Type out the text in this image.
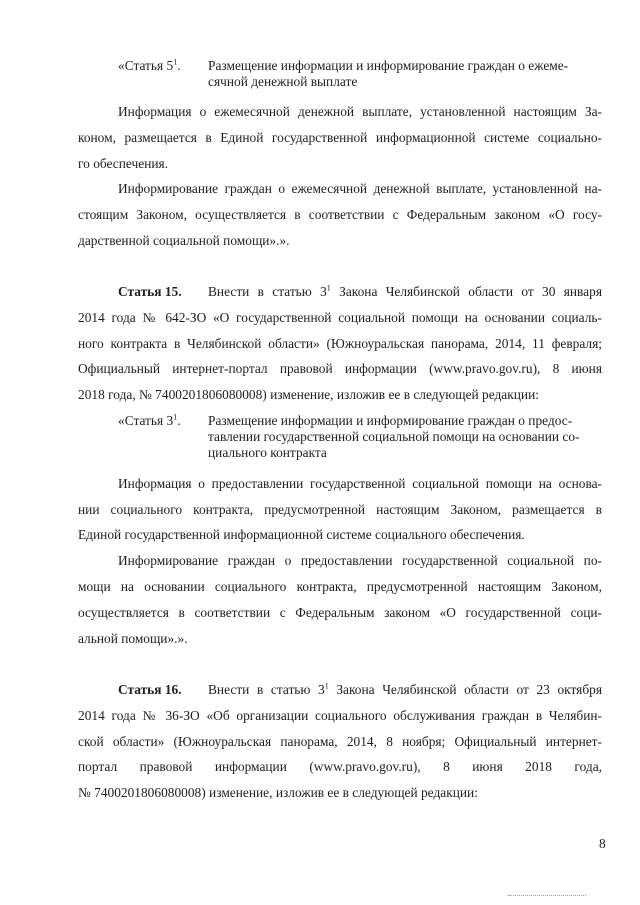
«Статья $5^1$. Размещение информации и информирование граждан о ежеме-
сячной денежной выплате
Информация о ежемесячной денежной выплате, установленной настоящим За-
коном, размещается в Единой государственной информационной системе социально-
го обеспечения.
Информирование граждан о ежемесячной денежной выплате, установленной на-
стоящим Законом, осуществляется в соответствии с Федеральным законом «О госу-
дарственной социальной помощи».».
Статья 15. Внести в статью $3^1$ Закона Челябинской области от 30 января
2014 года № 642-ЗО «О государственной социальной помощи на основании социаль-
ного контракта в Челябинской области» (Южноуральская панорама, 2014, 11 февраля;
Официальный интернет-портал правовой информации (www.pravo.gov.ru), 8 июня
2018 года, № 7400201806080008) изменение, изложив ее в следующей редакции:
«Статья $3^1$. Размещение информации и информирование граждан о предос-
тавлении государственной социальной помощи на основании со-
циального контракта
Информация о предоставлении государственной социальной помощи на основа-
нии социального контракта, предусмотренной настоящим Законом, размещается в
Единой государственной информационной системе социального обеспечения.
Информирование граждан о предоставлении государственной социальной по-
мощи на основании социального контракта, предусмотренной настоящим Законом,
осуществляется в соответствии с Федеральным законом «О государственной соци-
альной помощи».».
Статья 16. Внести в статью $3^1$ Закона Челябинской области от 23 октября
2014 года № 36-ЗО «Об организации социального обслуживания граждан в Челябин-
ской области» (Южноуральская панорама, 2014, 8 ноября; Официальный интернет-
портал правовой информации (www.pravo.gov.ru), 8 июня 2018 года,
№ 7400201806080008) изменение, изложив ее в следующей редакции:
8
